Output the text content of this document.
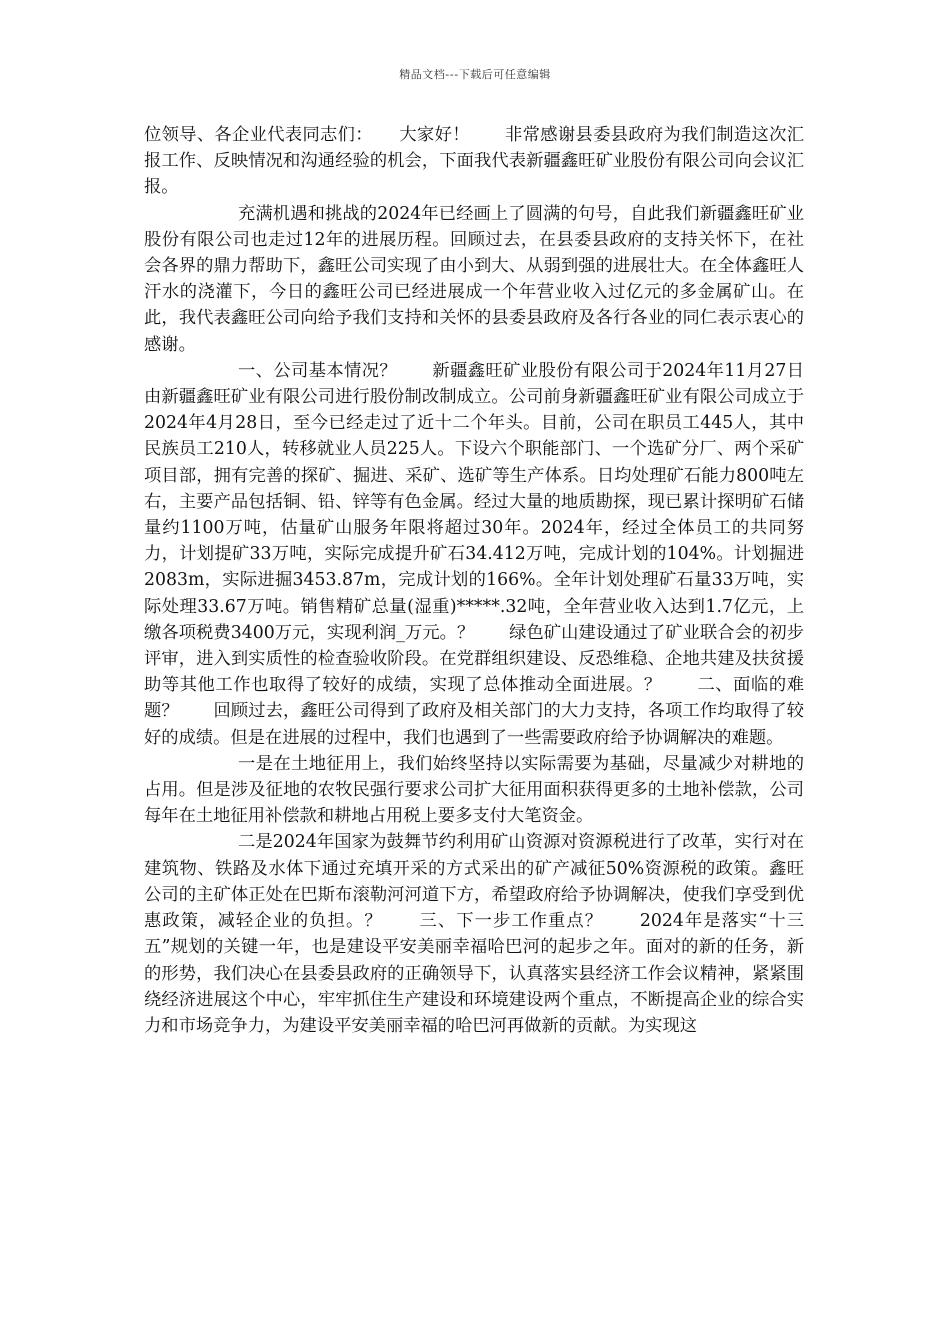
精品文档---下载后可任意编辑

位领导、各企业代表同志们：　　大家好！　　非常感谢县委县政府为我们制造这次汇报工作、反映情况和沟通经验的机会，下面我代表新疆鑫旺矿业股份有限公司向会议汇报。

充满机遇和挑战的2024年已经画上了圆满的句号，自此我们新疆鑫旺矿业股份有限公司也走过12年的进展历程。回顾过去，在县委县政府的支持关怀下，在社会各界的鼎力帮助下，鑫旺公司实现了由小到大、从弱到强的进展壮大。在全体鑫旺人汗水的浇灌下，今日的鑫旺公司已经进展成一个年营业收入过亿元的多金属矿山。在此，我代表鑫旺公司向给予我们支持和关怀的县委县政府及各行各业的同仁表示衷心的感谢。

一、公司基本情况？　　新疆鑫旺矿业股份有限公司于2024年11月27日由新疆鑫旺矿业有限公司进行股份制改制成立。公司前身新疆鑫旺矿业有限公司成立于2024年4月28日，至今已经走过了近十二个年头。目前，公司在职员工445人，其中民族员工210人，转移就业人员225人。下设六个职能部门、一个选矿分厂、两个采矿项目部，拥有完善的探矿、掘进、采矿、选矿等生产体系。日均处理矿石能力800吨左右，主要产品包括铜、铅、锌等有色金属。经过大量的地质勘探，现已累计探明矿石储量约1100万吨，估量矿山服务年限将超过30年。2024年，经过全体员工的共同努力，计划提矿33万吨，实际完成提升矿石34.412万吨，完成计划的104%。计划掘进2083m，实际进掘3453.87m，完成计划的166%。全年计划处理矿石量33万吨，实际处理33.67万吨。销售精矿总量(湿重)*****.32吨，全年营业收入达到1.7亿元，上缴各项税费3400万元，实现利润_万元。？　　绿色矿山建设通过了矿业联合会的初步评审，进入到实质性的检查验收阶段。在党群组织建设、反恐维稳、企地共建及扶贫援助等其他工作也取得了较好的成绩，实现了总体推动全面进展。？　　二、面临的难题？　　回顾过去，鑫旺公司得到了政府及相关部门的大力支持，各项工作均取得了较好的成绩。但是在进展的过程中，我们也遇到了一些需要政府给予协调解决的难题。

一是在土地征用上，我们始终坚持以实际需要为基础，尽量减少对耕地的占用。但是涉及征地的农牧民强行要求公司扩大征用面积获得更多的土地补偿款，公司每年在土地征用补偿款和耕地占用税上要多支付大笔资金。

二是2024年国家为鼓舞节约利用矿山资源对资源税进行了改革，实行对在建筑物、铁路及水体下通过充填开采的方式采出的矿产减征50%资源税的政策。鑫旺公司的主矿体正处在巴斯布滚勒河河道下方，希望政府给予协调解决，使我们享受到优惠政策，减轻企业的负担。？　　三、下一步工作重点？　　2024年是落实“十三五”规划的关键一年，也是建设平安美丽幸福哈巴河的起步之年。面对的新的任务，新的形势，我们决心在县委县政府的正确领导下，认真落实县经济工作会议精神，紧紧围绕经济进展这个中心，牢牢抓住生产建设和环境建设两个重点，不断提高企业的综合实力和市场竞争力，为建设平安美丽幸福的哈巴河再做新的贡献。为实现这
